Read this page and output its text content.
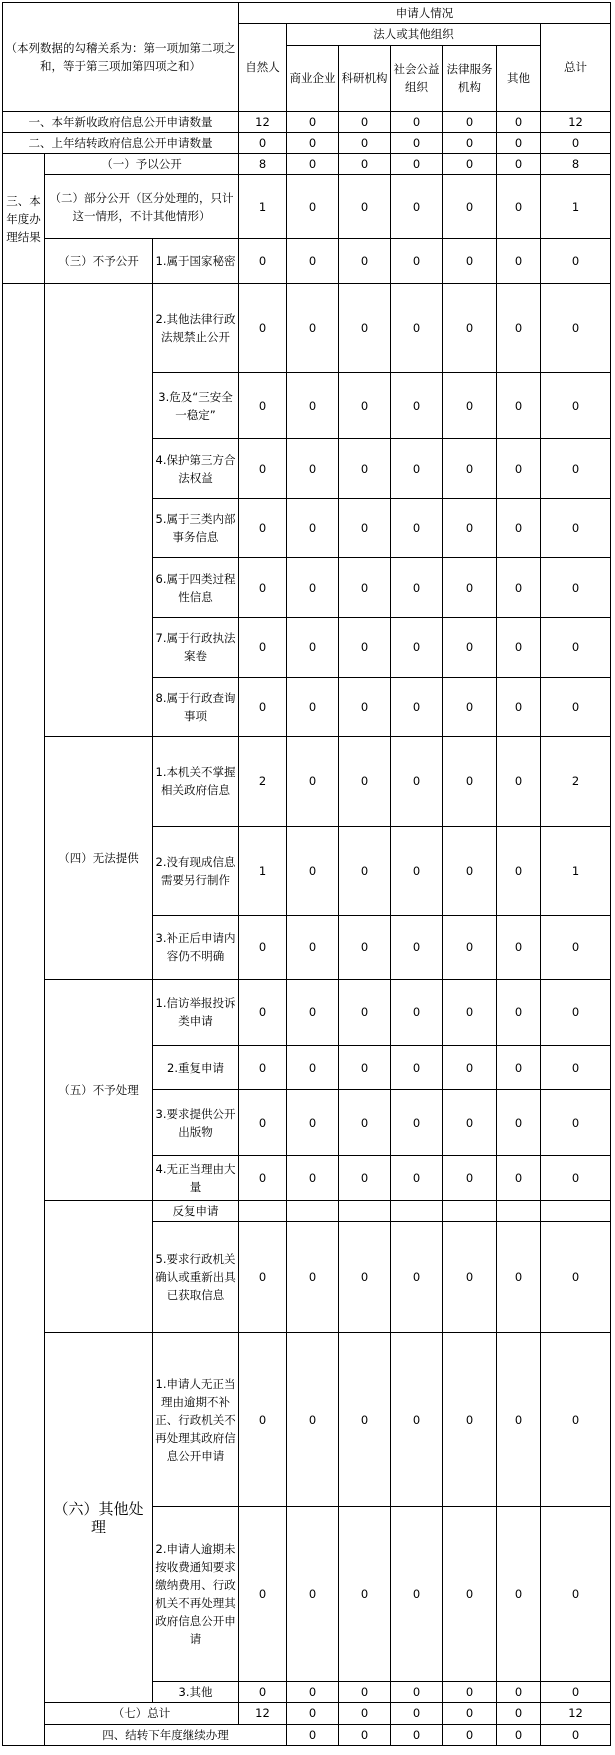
（本列数据的勾稽关系为：第一项加第二项之和，等于第三项加第四项之和）			申请人情况							
			自然人	法人或其他组织					总计	
				商业企业	科研机构	社会公益组织	法律服务机构	其他		
一、本年新收政府信息公开申请数量			12	0	0	0	0	0	12	
二、上年结转政府信息公开申请数量			0	0	0	0	0	0	0	
三、本年度办理结果	（一）予以公开		8	0	0	0	0	0	8	
	（二）部分公开（区分处理的，只计这一情形，不计其他情形）		1	0	0	0	0	0	1	
	（三）不予公开	1.属于国家秘密	0	0	0	0	0	0	0	
		2.其他法律行政法规禁止公开	0	0	0	0	0	0	0	
		3.危及“三安全一稳定”	0	0	0	0	0	0	0	
		4.保护第三方合法权益	0	0	0	0	0	0	0	
		5.属于三类内部事务信息	0	0	0	0	0	0	0	
		6.属于四类过程性信息	0	0	0	0	0	0	0	
		7.属于行政执法案卷	0	0	0	0	0	0	0	
		8.属于行政查询事项	0	0	0	0	0	0	0	
	（四）无法提供	1.本机关不掌握相关政府信息	2	0	0	0	0	0	2	
		2.没有现成信息需要另行制作	1	0	0	0	0	0	1	
		3.补正后申请内容仍不明确	0	0	0	0	0	0	0	
	（五）不予处理	1.信访举报投诉类申请	0	0	0	0	0	0	0	
		2.重复申请	0	0	0	0	0	0	0	
		3.要求提供公开出版物	0	0	0	0	0	0	0	
		4.无正当理由大量	0	0	0	0	0	0	0	
		反复申请								
		5.要求行政机关确认或重新出具已获取信息	0	0	0	0	0	0	0	
	（六）其他处理	1.申请人无正当理由逾期不补正、行政机关不再处理其政府信息公开申请	0	0	0	0	0	0	0	
		2.申请人逾期未按收费通知要求缴纳费用、行政机关不再处理其政府信息公开申请	0	0	0	0	0	0	0	
		3.其他	0	0	0	0	0	0	0	
	（七）总计		12	0	0	0	0	0	12	
	四、结转下年度继续办理			0	0	0	0	0	0	
